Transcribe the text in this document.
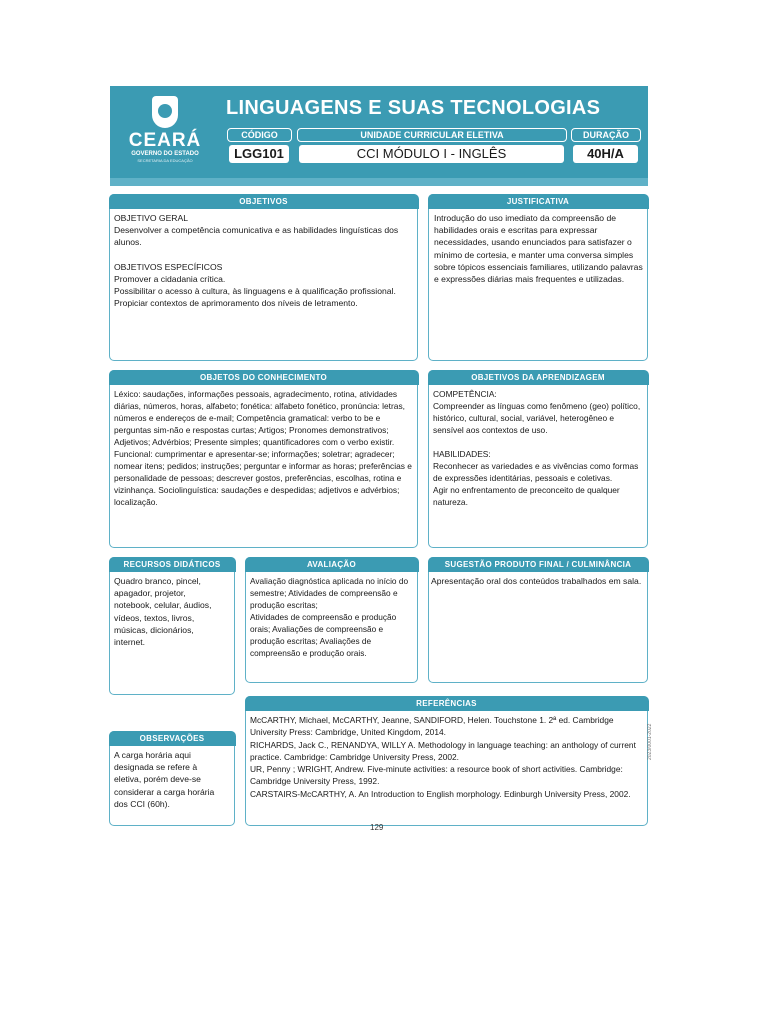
CEARÁ
GOVERNO DO ESTADO
SECRETARIA DA EDUCAÇÃO
LINGUAGENS E SUAS TECNOLOGIAS
CÓDIGO
LGG101
UNIDADE CURRICULAR ELETIVA
CCI MÓDULO I - INGLÊS
DURAÇÃO
40H/A
OBJETIVOS

OBJETIVO GERAL

Desenvolver a competência comunicativa e as habilidades linguísticas dos alunos.

OBJETIVOS ESPECÍFICOS

Promover a cidadania crítica.

Possibilitar o acesso à cultura, às linguagens e à qualificação profissional.

Propiciar contextos de aprimoramento dos níveis de letramento.

JUSTIFICATIVA

Introdução do uso imediato da compreensão de habilidades orais e escritas para expressar necessidades, usando enunciados para satisfazer o mínimo de cortesia, e manter uma conversa simples sobre tópicos essenciais familiares, utilizando palavras e expressões diárias mais frequentes e utilizadas.

OBJETOS DO CONHECIMENTO

Léxico: saudações, informações pessoais, agradecimento, rotina, atividades diárias, números, horas, alfabeto; fonética: alfabeto fonético, pronúncia: letras, números e endereços de e-mail; Competência gramatical: verbo to be e perguntas sim-não e respostas curtas; Artigos; Pronomes demonstrativos; Adjetivos; Advérbios; Presente simples; quantificadores com o verbo existir.

Funcional: cumprimentar e apresentar-se; informações; soletrar; agradecer; nomear itens; pedidos; instruções; perguntar e informar as horas; preferências e personalidade de pessoas; descrever gostos, preferências, escolhas, rotina e vizinhança. Sociolinguística: saudações e despedidas; adjetivos e advérbios; localização.

OBJETIVOS DA APRENDIZAGEM

COMPETÊNCIA:

Compreender as línguas como fenômeno (geo) político, histórico, cultural, social, variável, heterogêneo e sensível aos contextos de uso.

HABILIDADES:

Reconhecer as variedades e as vivências como formas de expressões identitárias, pessoais e coletivas.

Agir no enfrentamento de preconceito de qualquer natureza.

RECURSOS DIDÁTICOS

Quadro branco, pincel, apagador, projetor, notebook, celular, áudios, vídeos, textos, livros, músicas, dicionários, internet.

AVALIAÇÃO

Avaliação diagnóstica aplicada no início do semestre; Atividades de compreensão e produção escritas;

Atividades de compreensão e produção orais; Avaliações de compreensão e produção escritas; Avaliações de compreensão e produção orais.

SUGESTÃO PRODUTO FINAL / CULMINÂNCIA

Apresentação oral dos conteúdos trabalhados em sala.

REFERÊNCIAS

McCARTHY, Michael, McCARTHY, Jeanne, SANDIFORD, Helen. Touchstone 1. 2ª ed. Cambridge University Press: Cambridge, United Kingdom, 2014.

RICHARDS, Jack C., RENANDYA, WILLY A. Methodology in language teaching: an anthology of current practice. Cambridge: Cambridge University Press, 2002.

UR, Penny ; WRIGHT, Andrew. Five-minute activities: a resource book of short activities. Cambridge: Cambridge University Press, 1992.

CARSTAIRS-McCARTHY, A. An Introduction to English morphology. Edinburgh University Press, 2002.

OBSERVAÇÕES

A carga horária aqui designada se refere à eletiva, porém deve-se considerar a carga horária dos CCI (60h).

129
2023/0001-2022
